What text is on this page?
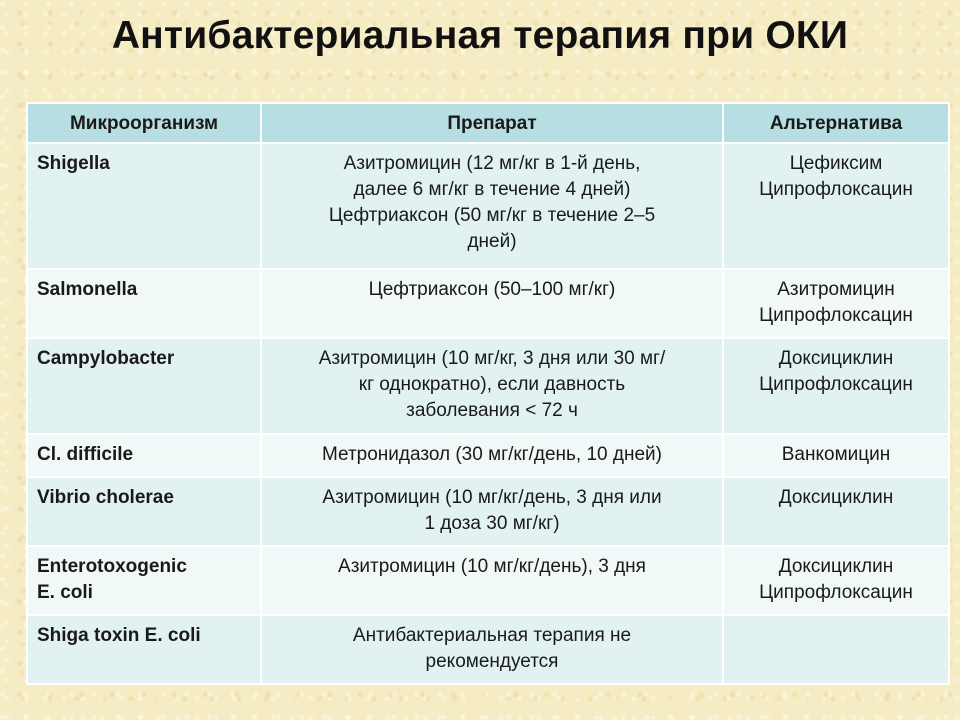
Антибактериальная терапия при ОКИ
Микроорганизм	Препарат	Альтернатива

Shigella	Азитромицин (12 мг/кг в 1-й день,
далее 6 мг/кг в течение 4 дней)
Цефтриаксон (50 мг/кг в течение 2–5
дней)	Цефиксим
Ципрофлоксацин

Salmonella	Цефтриаксон (50–100 мг/кг)	Азитромицин
Ципрофлоксацин

Campylobacter	Азитромицин (10 мг/кг, 3 дня или 30 мг/
кг однократно), если давность
заболевания < 72 ч	Доксициклин
Ципрофлоксацин

Cl. difficile	Метронидазол (30 мг/кг/день, 10 дней)	Ванкомицин

Vibrio cholerae	Азитромицин (10 мг/кг/день, 3 дня или
1 доза 30 мг/кг)	Доксициклин

Enterotoxogenic
E. coli	Азитромицин (10 мг/кг/день), 3 дня	Доксициклин
Ципрофлоксацин

Shiga toxin E. coli	Антибактериальная терапия не
рекомендуется	
